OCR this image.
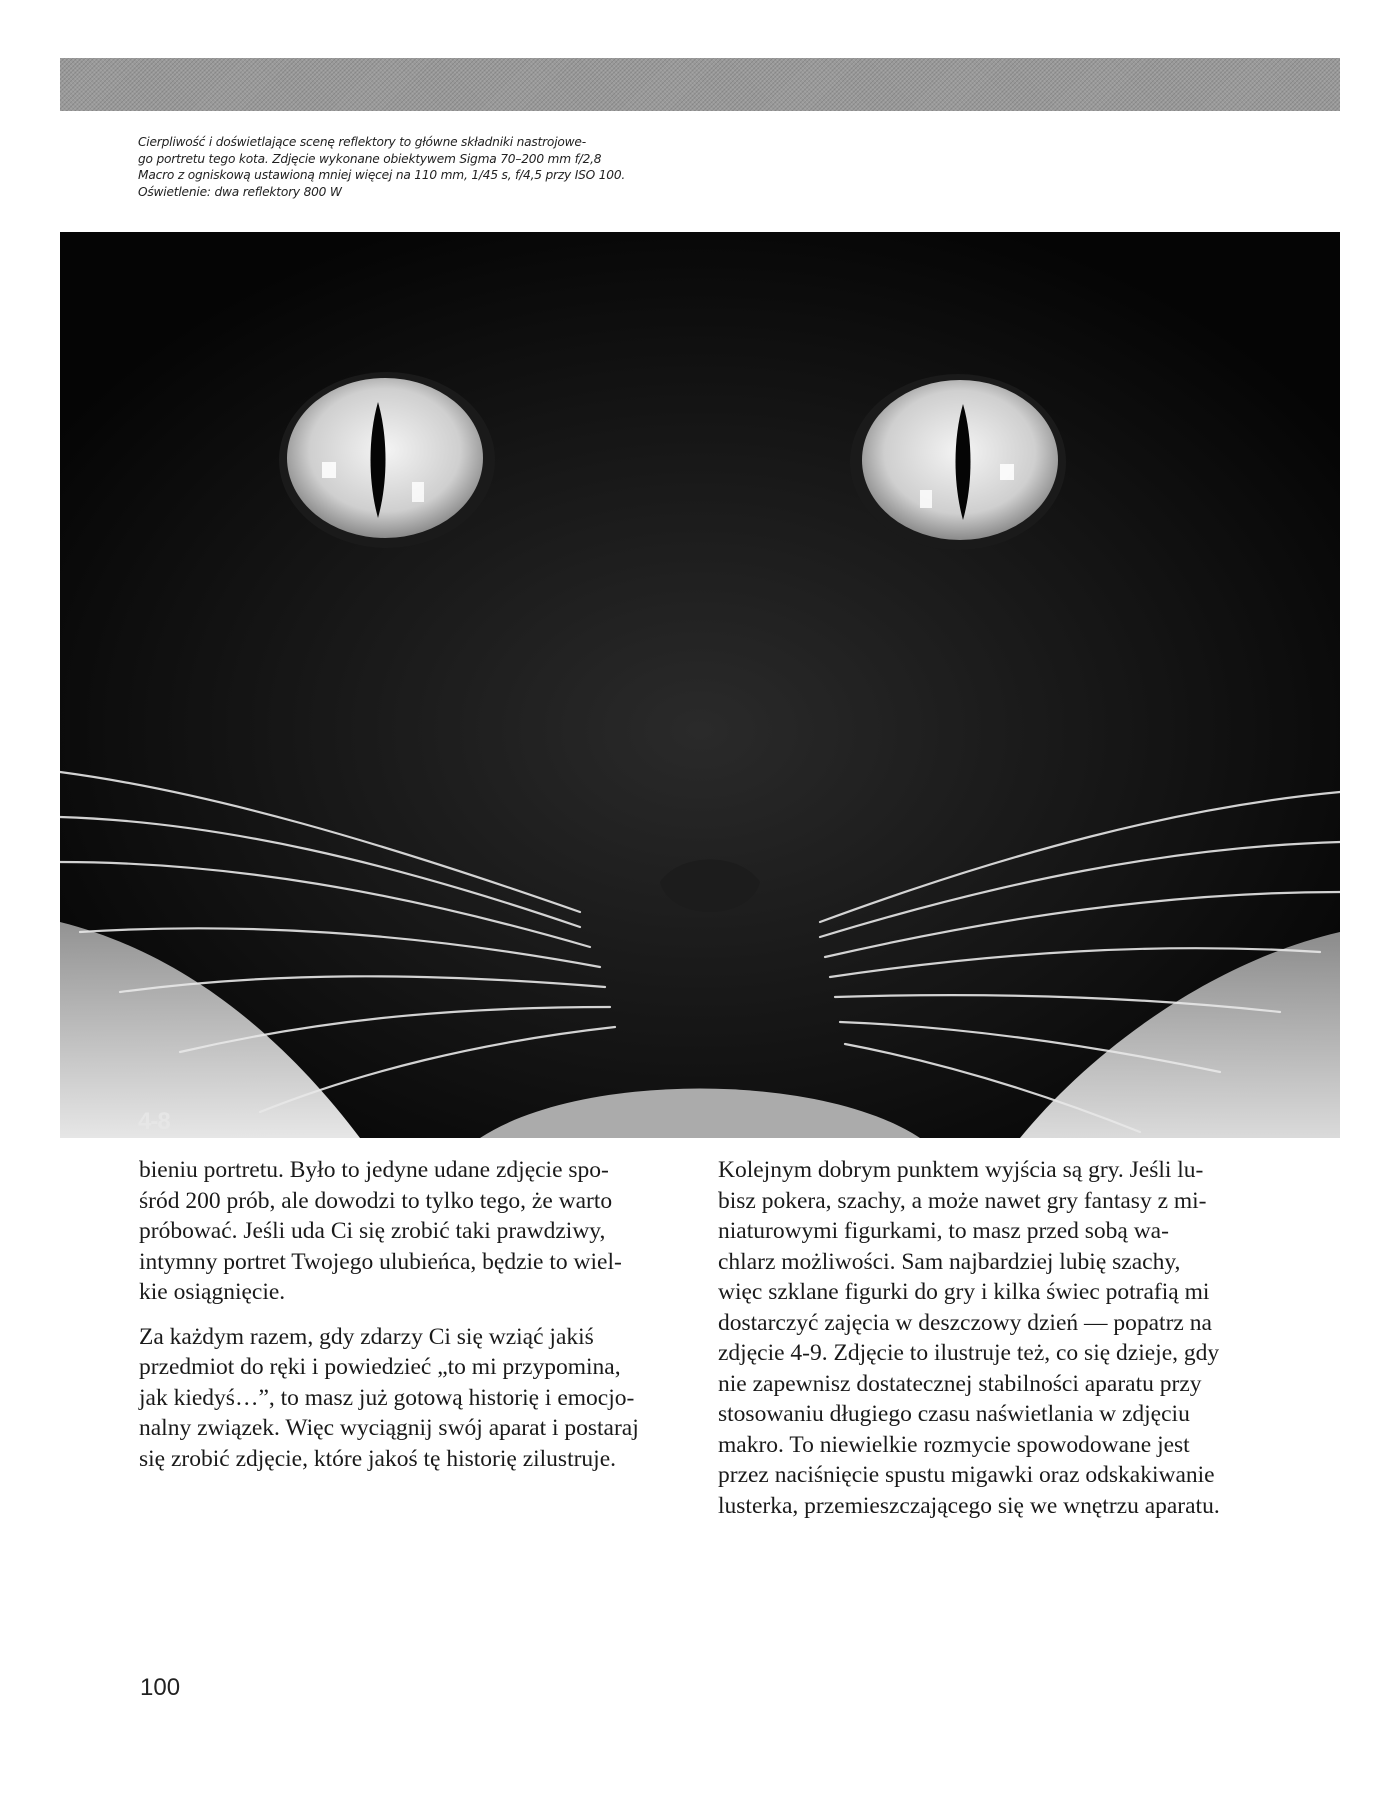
Cierpliwość i doświetlające scenę reflektory to główne składniki nastrojowe-
go portretu tego kota. Zdjęcie wykonane obiektywem Sigma 70–200 mm f/2,8
Macro z ogniskową ustawioną mniej więcej na 110 mm, 1/45 s, f/4,5 przy ISO 100.
Oświetlenie: dwa reflektory 800 W

4-8

bieniu portretu. Było to jedyne udane zdjęcie spo-
śród 200 prób, ale dowodzi to tylko tego, że warto
próbować. Jeśli uda Ci się zrobić taki prawdziwy,
intymny portret Twojego ulubieńca, będzie to wiel-
kie osiągnięcie.

Za każdym razem, gdy zdarzy Ci się wziąć jakiś
przedmiot do ręki i powiedzieć „to mi przypomina,
jak kiedyś…”, to masz już gotową historię i emocjo-
nalny związek. Więc wyciągnij swój aparat i postaraj
się zrobić zdjęcie, które jakoś tę historię zilustruje.

Kolejnym dobrym punktem wyjścia są gry. Jeśli lu-
bisz pokera, szachy, a może nawet gry fantasy z mi-
niaturowymi figurkami, to masz przed sobą wa-
chlarz możliwości. Sam najbardziej lubię szachy,
więc szklane figurki do gry i kilka świec potrafią mi
dostarczyć zajęcia w deszczowy dzień — popatrz na
zdjęcie 4-9. Zdjęcie to ilustruje też, co się dzieje, gdy
nie zapewnisz dostatecznej stabilności aparatu przy
stosowaniu długiego czasu naświetlania w zdjęciu
makro. To niewielkie rozmycie spowodowane jest
przez naciśnięcie spustu migawki oraz odskakiwanie
lusterka, przemieszczającego się we wnętrzu aparatu.

100
